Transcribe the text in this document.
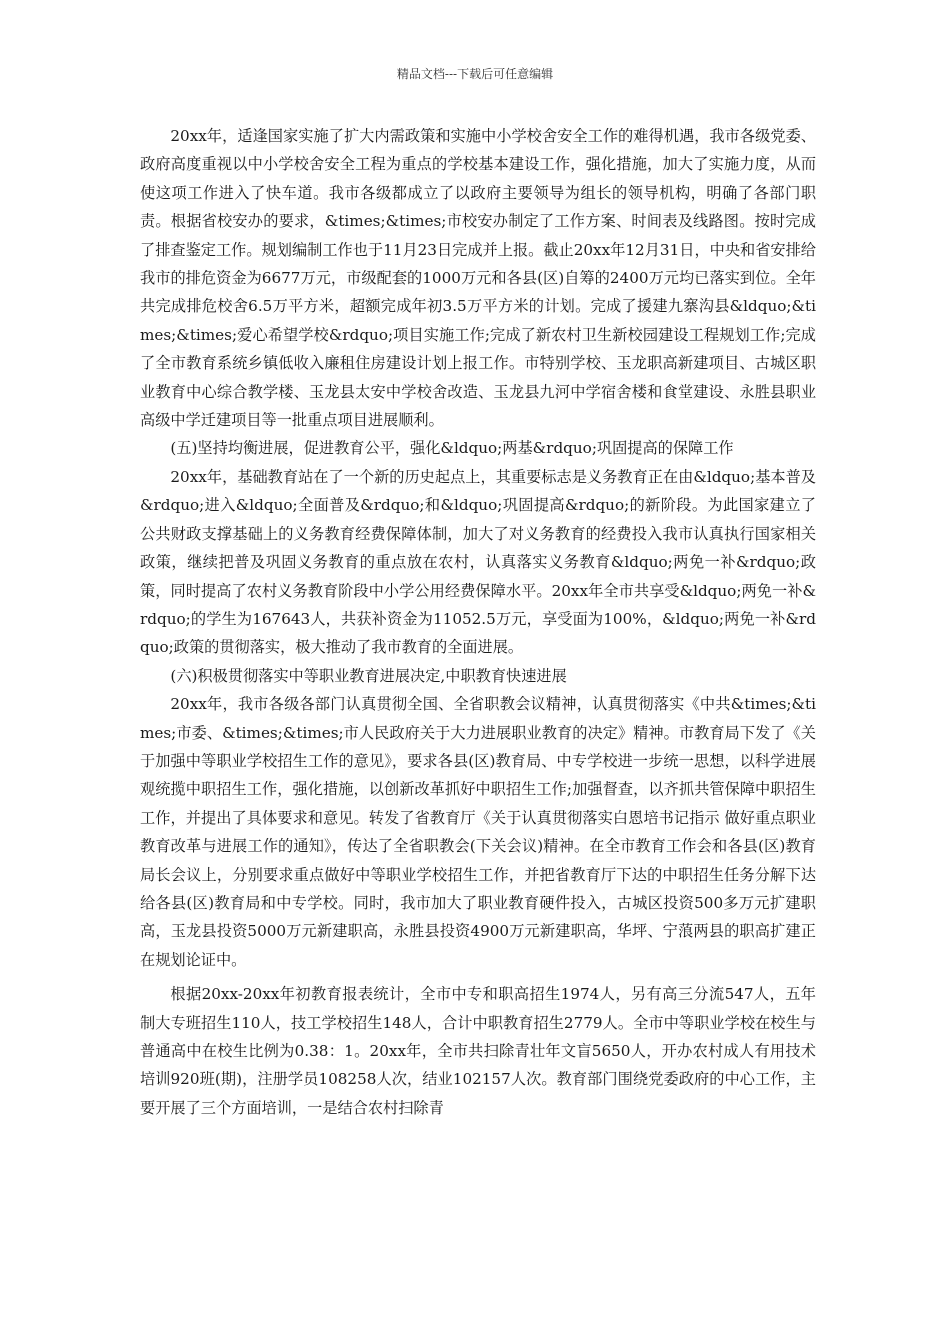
精品文档---下载后可任意编辑

20xx年，适逢国家实施了扩大内需政策和实施中小学校舍安全工作的难得机遇，我市各级党委、政府高度重视以中小学校舍安全工程为重点的学校基本建设工作，强化措施，加大了实施力度，从而使这项工作进入了快车道。我市各级都成立了以政府主要领导为组长的领导机构，明确了各部门职责。根据省校安办的要求，&times;&times;市校安办制定了工作方案、时间表及线路图。按时完成了排查鉴定工作。规划编制工作也于11月23日完成并上报。截止20xx年12月31日，中央和省安排给我市的排危资金为6677万元，市级配套的1000万元和各县(区)自筹的2400万元均已落实到位。全年共完成排危校舍6.5万平方米，超额完成年初3.5万平方米的计划。完成了援建九寨沟县&ldquo;&times;&times;爱心希望学校&rdquo;项目实施工作;完成了新农村卫生新校园建设工程规划工作;完成了全市教育系统乡镇低收入廉租住房建设计划上报工作。市特别学校、玉龙职高新建项目、古城区职业教育中心综合教学楼、玉龙县太安中学校舍改造、玉龙县九河中学宿舍楼和食堂建设、永胜县职业高级中学迁建项目等一批重点项目进展顺利。

(五)坚持均衡进展，促进教育公平，强化&ldquo;两基&rdquo;巩固提高的保障工作

20xx年，基础教育站在了一个新的历史起点上，其重要标志是义务教育正在由&ldquo;基本普及&rdquo;进入&ldquo;全面普及&rdquo;和&ldquo;巩固提高&rdquo;的新阶段。为此国家建立了公共财政支撑基础上的义务教育经费保障体制，加大了对义务教育的经费投入我市认真执行国家相关政策，继续把普及巩固义务教育的重点放在农村，认真落实义务教育&ldquo;两免一补&rdquo;政策，同时提高了农村义务教育阶段中小学公用经费保障水平。20xx年全市共享受&ldquo;两免一补&rdquo;的学生为167643人，共获补资金为11052.5万元，享受面为100%，&ldquo;两免一补&rdquo;政策的贯彻落实，极大推动了我市教育的全面进展。

(六)积极贯彻落实中等职业教育进展决定,中职教育快速进展

20xx年，我市各级各部门认真贯彻全国、全省职教会议精神，认真贯彻落实《中共&times;&times;市委、&times;&times;市人民政府关于大力进展职业教育的决定》精神。市教育局下发了《关于加强中等职业学校招生工作的意见》，要求各县(区)教育局、中专学校进一步统一思想，以科学进展观统揽中职招生工作，强化措施，以创新改革抓好中职招生工作;加强督查，以齐抓共管保障中职招生工作，并提出了具体要求和意见。转发了省教育厅《关于认真贯彻落实白恩培书记指示 做好重点职业教育改革与进展工作的通知》，传达了全省职教会(下关会议)精神。在全市教育工作会和各县(区)教育局长会议上，分别要求重点做好中等职业学校招生工作，并把省教育厅下达的中职招生任务分解下达给各县(区)教育局和中专学校。同时，我市加大了职业教育硬件投入，古城区投资500多万元扩建职高，玉龙县投资5000万元新建职高，永胜县投资4900万元新建职高，华坪、宁蒗两县的职高扩建正在规划论证中。

根据20xx-20xx年初教育报表统计，全市中专和职高招生1974人，另有高三分流547人，五年制大专班招生110人，技工学校招生148人，合计中职教育招生2779人。全市中等职业学校在校生与普通高中在校生比例为0.38：1。20xx年，全市共扫除青壮年文盲5650人，开办农村成人有用技术培训920班(期)，注册学员108258人次，结业102157人次。教育部门围绕党委政府的中心工作，主要开展了三个方面培训，一是结合农村扫除青
